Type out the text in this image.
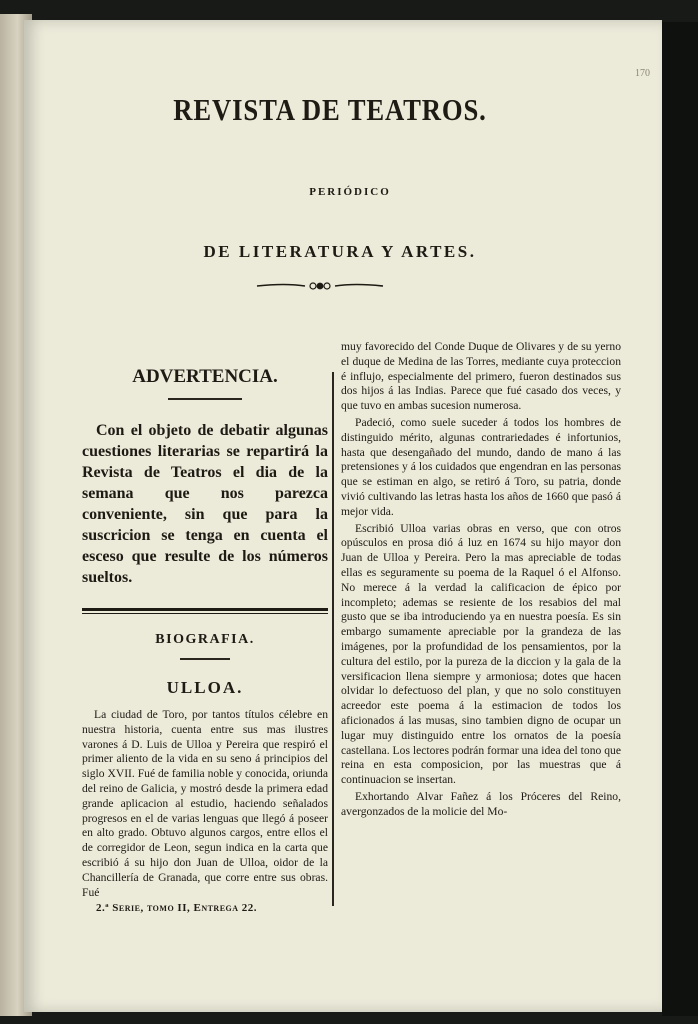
170
REVISTA DE TEATROS.
PERIÓDICO
DE LITERATURA Y ARTES.
ADVERTENCIA.

Con el objeto de debatir algunas cuestiones literarias se repartirá la Revista de Teatros el dia de la semana que nos parezca conveniente, sin que para la suscricion se tenga en cuenta el esceso que resulte de los números sueltos.

BIOGRAFIA.
ULLOA.

La ciudad de Toro, por tantos títulos célebre en nuestra historia, cuenta entre sus mas ilustres varones á D. Luis de Ulloa y Pereira que respiró el primer aliento de la vida en su seno á principios del siglo XVII. Fué de familia noble y conocida, oriunda del reino de Galicia, y mostró desde la primera edad grande aplicacion al estudio, haciendo señalados progresos en el de varias lenguas que llegó á poseer en alto grado. Obtuvo algunos cargos, entre ellos el de corregidor de Leon, segun indica en la carta que escribió á su hijo don Juan de Ulloa, oidor de la Chancillería de Granada, que corre entre sus obras. Fué

2.ª Serie, tomo II, Entrega 22.

muy favorecido del Conde Duque de Olivares y de su yerno el duque de Medina de las Torres, mediante cuya proteccion é influjo, especialmente del primero, fueron destinados sus dos hijos á las Indias. Parece que fué casado dos veces, y que tuvo en ambas sucesion numerosa.

Padeció, como suele suceder á todos los hombres de distinguido mérito, algunas contrariedades é infortunios, hasta que desengañado del mundo, dando de mano á las pretensiones y á los cuidados que engendran en las personas que se estiman en algo, se retiró á Toro, su patria, donde vivió cultivando las letras hasta los años de 1660 que pasó á mejor vida.

Escribió Ulloa varias obras en verso, que con otros opúsculos en prosa dió á luz en 1674 su hijo mayor don Juan de Ulloa y Pereira. Pero la mas apreciable de todas ellas es seguramente su poema de la Raquel ó el Alfonso. No merece á la verdad la calificacion de épico por incompleto; ademas se resiente de los resabios del mal gusto que se iba introduciendo ya en nuestra poesía. Es sin embargo sumamente apreciable por la grandeza de las imágenes, por la profundidad de los pensamientos, por la cultura del estilo, por la pureza de la diccion y la gala de la versificacion llena siempre y armoniosa; dotes que hacen olvidar lo defectuoso del plan, y que no solo constituyen acreedor este poema á la estimacion de todos los aficionados á las musas, sino tambien digno de ocupar un lugar muy distinguido entre los ornatos de la poesía castellana. Los lectores podrán formar una idea del tono que reina en esta composicion, por las muestras que á continuacion se insertan.

Exhortando Alvar Fañez á los Próceres del Reino, avergonzados de la molicie del Mo-
